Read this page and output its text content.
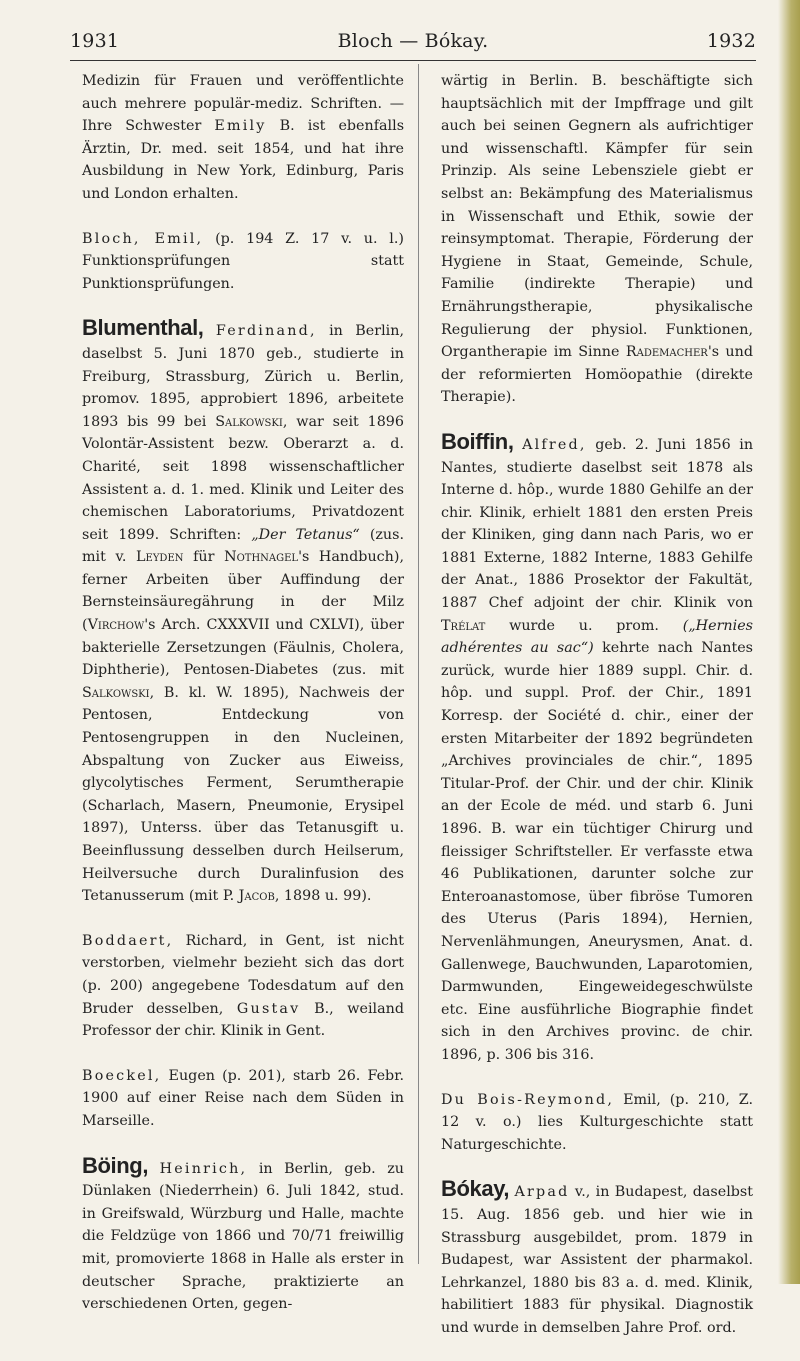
1931	Bloch — Bókay.	1932

Medizin für Frauen und veröffentlichte auch mehrere populär-mediz. Schriften. — Ihre Schwester Emily B. ist ebenfalls Ärztin, Dr. med. seit 1854, und hat ihre Ausbildung in New York, Edinburg, Paris und London erhalten.

Bloch, Emil, (p. 194 Z. 17 v. u. l.) Funktionsprüfungen statt Punktionsprüfungen.

Blumenthal, Ferdinand, in Berlin, daselbst 5. Juni 1870 geb., studierte in Freiburg, Strassburg, Zürich u. Berlin, promov. 1895, approbiert 1896, arbeitete 1893 bis 99 bei Salkowski, war seit 1896 Volontär-Assistent bezw. Oberarzt a. d. Charité, seit 1898 wissenschaftlicher Assistent a. d. 1. med. Klinik und Leiter des chemischen Laboratoriums, Privatdozent seit 1899. Schriften: „Der Tetanus“ (zus. mit v. Leyden für Nothnagel's Handbuch), ferner Arbeiten über Auffindung der Bernsteinsäuregährung in der Milz (Virchow's Arch. CXXXVII und CXLVI), über bakterielle Zersetzungen (Fäulnis, Cholera, Diphtherie), Pentosen-Diabetes (zus. mit Salkowski, B. kl. W. 1895), Nachweis der Pentosen, Entdeckung von Pentosengruppen in den Nucleinen, Abspaltung von Zucker aus Eiweiss, glycolytisches Ferment, Serumtherapie (Scharlach, Masern, Pneumonie, Erysipel 1897), Unterss. über das Tetanusgift u. Beeinflussung desselben durch Heilserum, Heilversuche durch Duralinfusion des Tetanusserum (mit P. Jacob, 1898 u. 99).

Boddaert, Richard, in Gent, ist nicht verstorben, vielmehr bezieht sich das dort (p. 200) angegebene Todesdatum auf den Bruder desselben, Gustav B., weiland Professor der chir. Klinik in Gent.

Boeckel, Eugen (p. 201), starb 26. Febr. 1900 auf einer Reise nach dem Süden in Marseille.

Böing, Heinrich, in Berlin, geb. zu Dünlaken (Niederrhein) 6. Juli 1842, stud. in Greifswald, Würzburg und Halle, machte die Feldzüge von 1866 und 70/71 freiwillig mit, promovierte 1868 in Halle als erster in deutscher Sprache, praktizierte an verschiedenen Orten, gegen-

wärtig in Berlin. B. beschäftigte sich hauptsächlich mit der Impffrage und gilt auch bei seinen Gegnern als aufrichtiger und wissenschaftl. Kämpfer für sein Prinzip. Als seine Lebensziele giebt er selbst an: Bekämpfung des Materialismus in Wissenschaft und Ethik, sowie der reinsymptomat. Therapie, Förderung der Hygiene in Staat, Gemeinde, Schule, Familie (indirekte Therapie) und Ernährungstherapie, physikalische Regulierung der physiol. Funktionen, Organtherapie im Sinne Rademacher's und der reformierten Homöopathie (direkte Therapie).

Boiffin, Alfred, geb. 2. Juni 1856 in Nantes, studierte daselbst seit 1878 als Interne d. hôp., wurde 1880 Gehilfe an der chir. Klinik, erhielt 1881 den ersten Preis der Kliniken, ging dann nach Paris, wo er 1881 Externe, 1882 Interne, 1883 Gehilfe der Anat., 1886 Prosektor der Fakultät, 1887 Chef adjoint der chir. Klinik von Trélat wurde u. prom. („Hernies adhérentes au sac“) kehrte nach Nantes zurück, wurde hier 1889 suppl. Chir. d. hôp. und suppl. Prof. der Chir., 1891 Korresp. der Société d. chir., einer der ersten Mitarbeiter der 1892 begründeten „Archives provinciales de chir.“, 1895 Titular-Prof. der Chir. und der chir. Klinik an der Ecole de méd. und starb 6. Juni 1896. B. war ein tüchtiger Chirurg und fleissiger Schriftsteller. Er verfasste etwa 46 Publikationen, darunter solche zur Enteroanastomose, über fibröse Tumoren des Uterus (Paris 1894), Hernien, Nervenlähmungen, Aneurysmen, Anat. d. Gallenwege, Bauchwunden, Laparotomien, Darmwunden, Eingeweidegeschwülste etc. Eine ausführliche Biographie findet sich in den Archives provinc. de chir. 1896, p. 306 bis 316.

Du Bois-Reymond, Emil, (p. 210, Z. 12 v. o.) lies Kulturgeschichte statt Naturgeschichte.

Bókay, Arpad v., in Budapest, daselbst 15. Aug. 1856 geb. und hier wie in Strassburg ausgebildet, prom. 1879 in Budapest, war Assistent der pharmakol. Lehrkanzel, 1880 bis 83 a. d. med. Klinik, habilitiert 1883 für physikal. Diagnostik und wurde in demselben Jahre Prof. ord.
